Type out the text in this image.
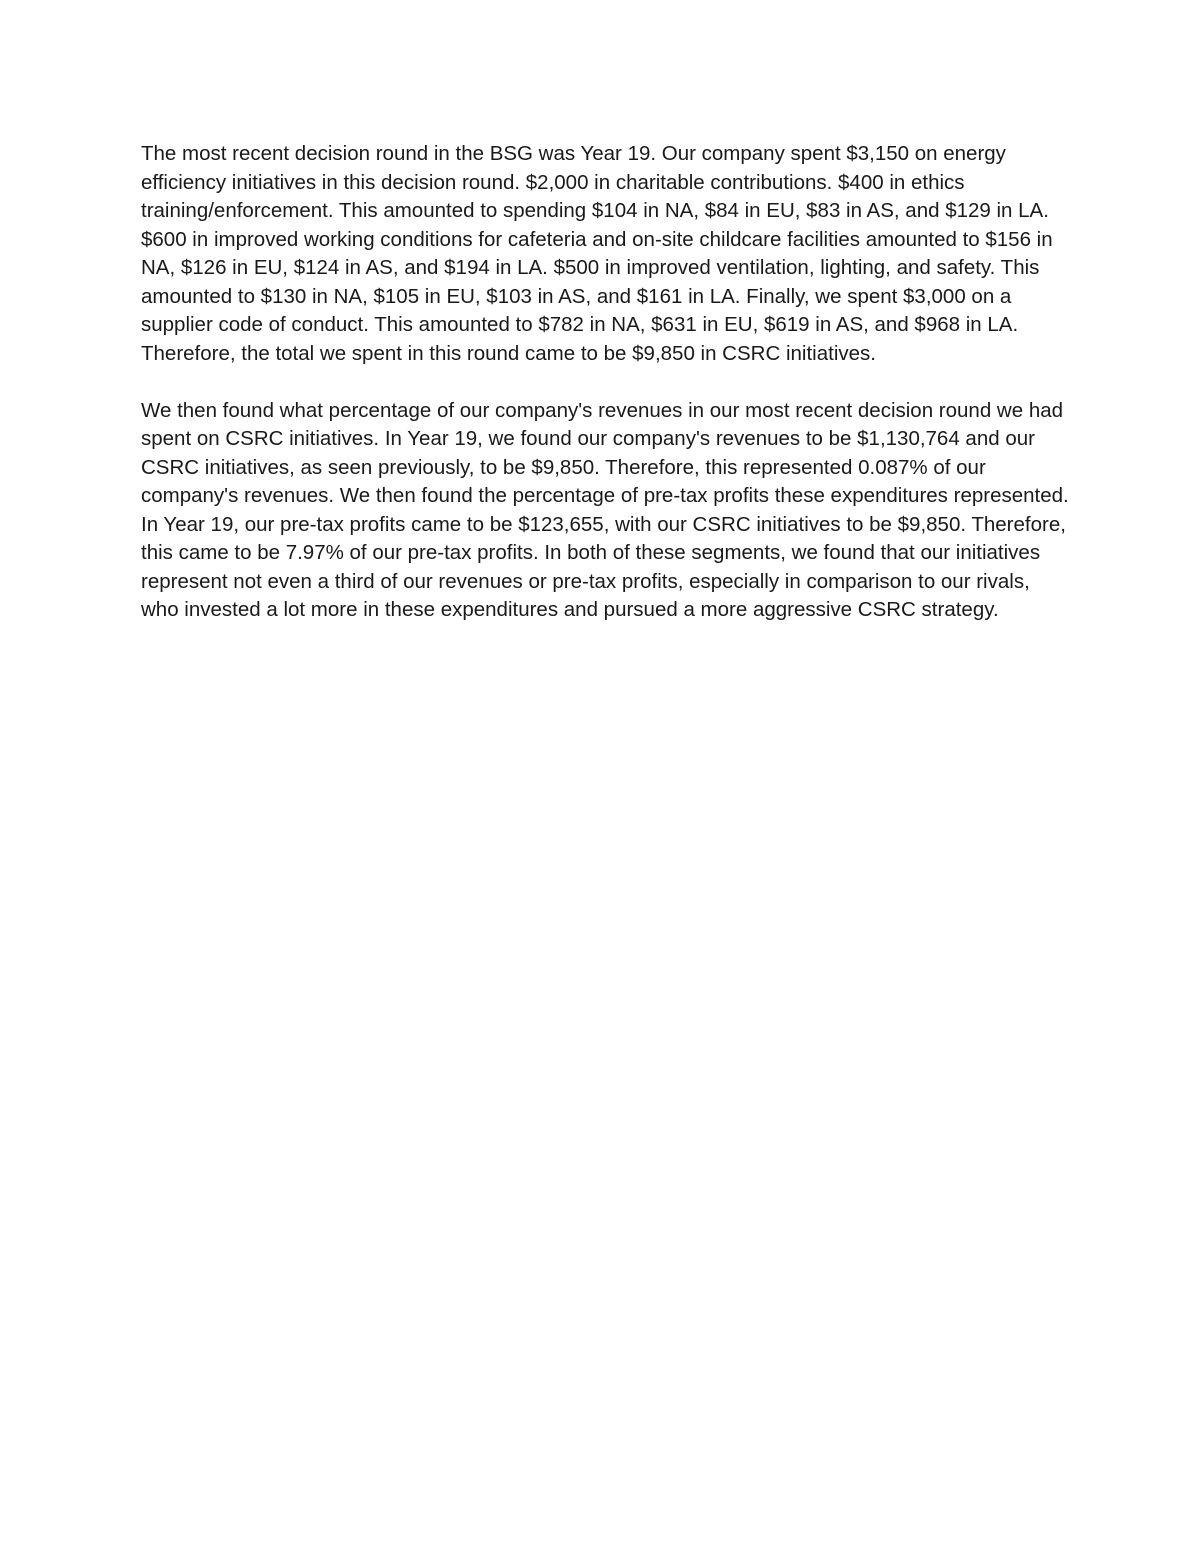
The most recent decision round in the BSG was Year 19. Our company spent $3,150 on energy efficiency initiatives in this decision round. $2,000 in charitable contributions. $400 in ethics training/enforcement. This amounted to spending $104 in NA, $84 in EU, $83 in AS, and $129 in LA. $600 in improved working conditions for cafeteria and on-site childcare facilities amounted to $156 in NA, $126 in EU, $124 in AS, and $194 in LA. $500 in improved ventilation, lighting, and safety. This amounted to $130 in NA, $105 in EU, $103 in AS, and $161 in LA. Finally, we spent $3,000 on a supplier code of conduct. This amounted to $782 in NA, $631 in EU, $619 in AS, and $968 in LA. Therefore, the total we spent in this round came to be $9,850 in CSRC initiatives.

We then found what percentage of our company's revenues in our most recent decision round we had spent on CSRC initiatives. In Year 19, we found our company's revenues to be $1,130,764 and our CSRC initiatives, as seen previously, to be $9,850. Therefore, this represented 0.087% of our company's revenues. We then found the percentage of pre-tax profits these expenditures represented. In Year 19, our pre-tax profits came to be $123,655, with our CSRC initiatives to be $9,850. Therefore, this came to be 7.97% of our pre-tax profits. In both of these segments, we found that our initiatives represent not even a third of our revenues or pre-tax profits, especially in comparison to our rivals, who invested a lot more in these expenditures and pursued a more aggressive CSRC strategy.
